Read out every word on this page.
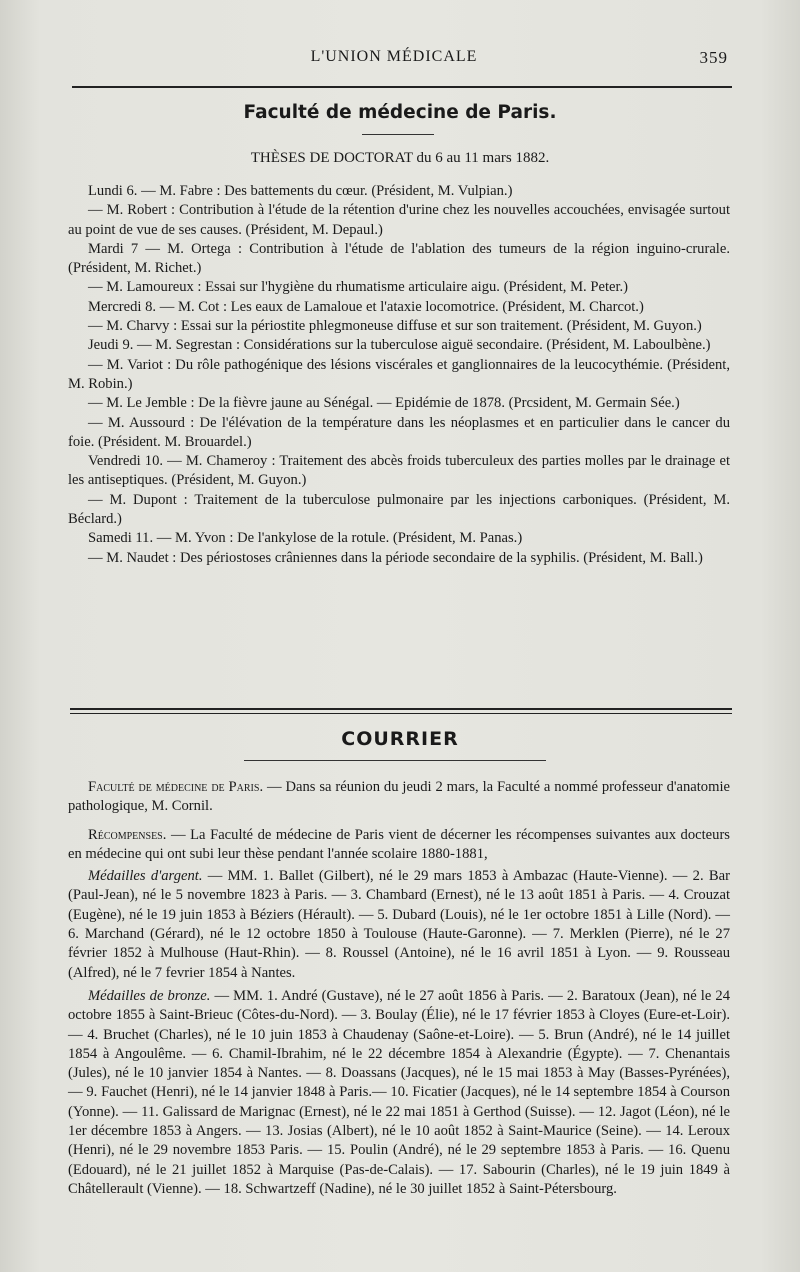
L'UNION MÉDICALE	359
Faculté de médecine de Paris.
THÈSES DE DOCTORAT du 6 au 11 mars 1882.

Lundi 6. — M. Fabre : Des battements du cœur. (Président, M. Vulpian.)

— M. Robert : Contribution à l'étude de la rétention d'urine chez les nouvelles accouchées, envisagée surtout au point de vue de ses causes. (Président, M. Depaul.)

Mardi 7 — M. Ortega : Contribution à l'étude de l'ablation des tumeurs de la région inguino-crurale. (Président, M. Richet.)

— M. Lamoureux : Essai sur l'hygiène du rhumatisme articulaire aigu. (Président, M. Peter.)

Mercredi 8. — M. Cot : Les eaux de Lamaloue et l'ataxie locomotrice. (Président, M. Charcot.)

— M. Charvy : Essai sur la périostite phlegmoneuse diffuse et sur son traitement. (Président, M. Guyon.)

Jeudi 9. — M. Segrestan : Considérations sur la tuberculose aiguë secondaire. (Président, M. Laboulbène.)

— M. Variot : Du rôle pathogénique des lésions viscérales et ganglionnaires de la leucocythémie. (Président, M. Robin.)

— M. Le Jemble : De la fièvre jaune au Sénégal. — Epidémie de 1878. (Prcsident, M. Germain Sée.)

— M. Aussourd : De l'élévation de la température dans les néoplasmes et en particulier dans le cancer du foie. (Président. M. Brouardel.)

Vendredi 10. — M. Chameroy : Traitement des abcès froids tuberculeux des parties molles par le drainage et les antiseptiques. (Président, M. Guyon.)

— M. Dupont : Traitement de la tuberculose pulmonaire par les injections carboniques. (Président, M. Béclard.)

Samedi 11. — M. Yvon : De l'ankylose de la rotule. (Président, M. Panas.)

— M. Naudet : Des périostoses crâniennes dans la période secondaire de la syphilis. (Président, M. Ball.)

COURRIER

Faculté de médecine de Paris. — Dans sa réunion du jeudi 2 mars, la Faculté a nommé professeur d'anatomie pathologique, M. Cornil.

Récompenses. — La Faculté de médecine de Paris vient de décerner les récompenses suivantes aux docteurs en médecine qui ont subi leur thèse pendant l'année scolaire 1880-1881,

Médailles d'argent. — MM. 1. Ballet (Gilbert), né le 29 mars 1853 à Ambazac (Haute-Vienne). — 2. Bar (Paul-Jean), né le 5 novembre 1823 à Paris. — 3. Chambard (Ernest), né le 13 août 1851 à Paris. — 4. Crouzat (Eugène), né le 19 juin 1853 à Béziers (Hérault). — 5. Dubard (Louis), né le 1er octobre 1851 à Lille (Nord). — 6. Marchand (Gérard), né le 12 octobre 1850 à Toulouse (Haute-Garonne). — 7. Merklen (Pierre), né le 27 février 1852 à Mulhouse (Haut-Rhin). — 8. Roussel (Antoine), né le 16 avril 1851 à Lyon. — 9. Rousseau (Alfred), né le 7 fevrier 1854 à Nantes.

Médailles de bronze. — MM. 1. André (Gustave), né le 27 août 1856 à Paris. — 2. Baratoux (Jean), né le 24 octobre 1855 à Saint-Brieuc (Côtes-du-Nord). — 3. Boulay (Élie), né le 17 février 1853 à Cloyes (Eure-et-Loir). — 4. Bruchet (Charles), né le 10 juin 1853 à Chaudenay (Saône-et-Loire). — 5. Brun (André), né le 14 juillet 1854 à Angoulême. — 6. Chamil-Ibrahim, né le 22 décembre 1854 à Alexandrie (Égypte). — 7. Chenantais (Jules), né le 10 janvier 1854 à Nantes. — 8. Doassans (Jacques), né le 15 mai 1853 à May (Basses-Pyrénées), — 9. Fauchet (Henri), né le 14 janvier 1848 à Paris.— 10. Ficatier (Jacques), né le 14 septembre 1854 à Courson (Yonne). — 11. Galissard de Marignac (Ernest), né le 22 mai 1851 à Gerthod (Suisse). — 12. Jagot (Léon), né le 1er décembre 1853 à Angers. — 13. Josias (Albert), né le 10 août 1852 à Saint-Maurice (Seine). — 14. Leroux (Henri), né le 29 novembre 1853 Paris. — 15. Poulin (André), né le 29 septembre 1853 à Paris. — 16. Quenu (Edouard), né le 21 juillet 1852 à Marquise (Pas-de-Calais). — 17. Sabourin (Charles), né le 19 juin 1849 à Châtellerault (Vienne). — 18. Schwartzeff (Nadine), né le 30 juillet 1852 à Saint-Pétersbourg.
